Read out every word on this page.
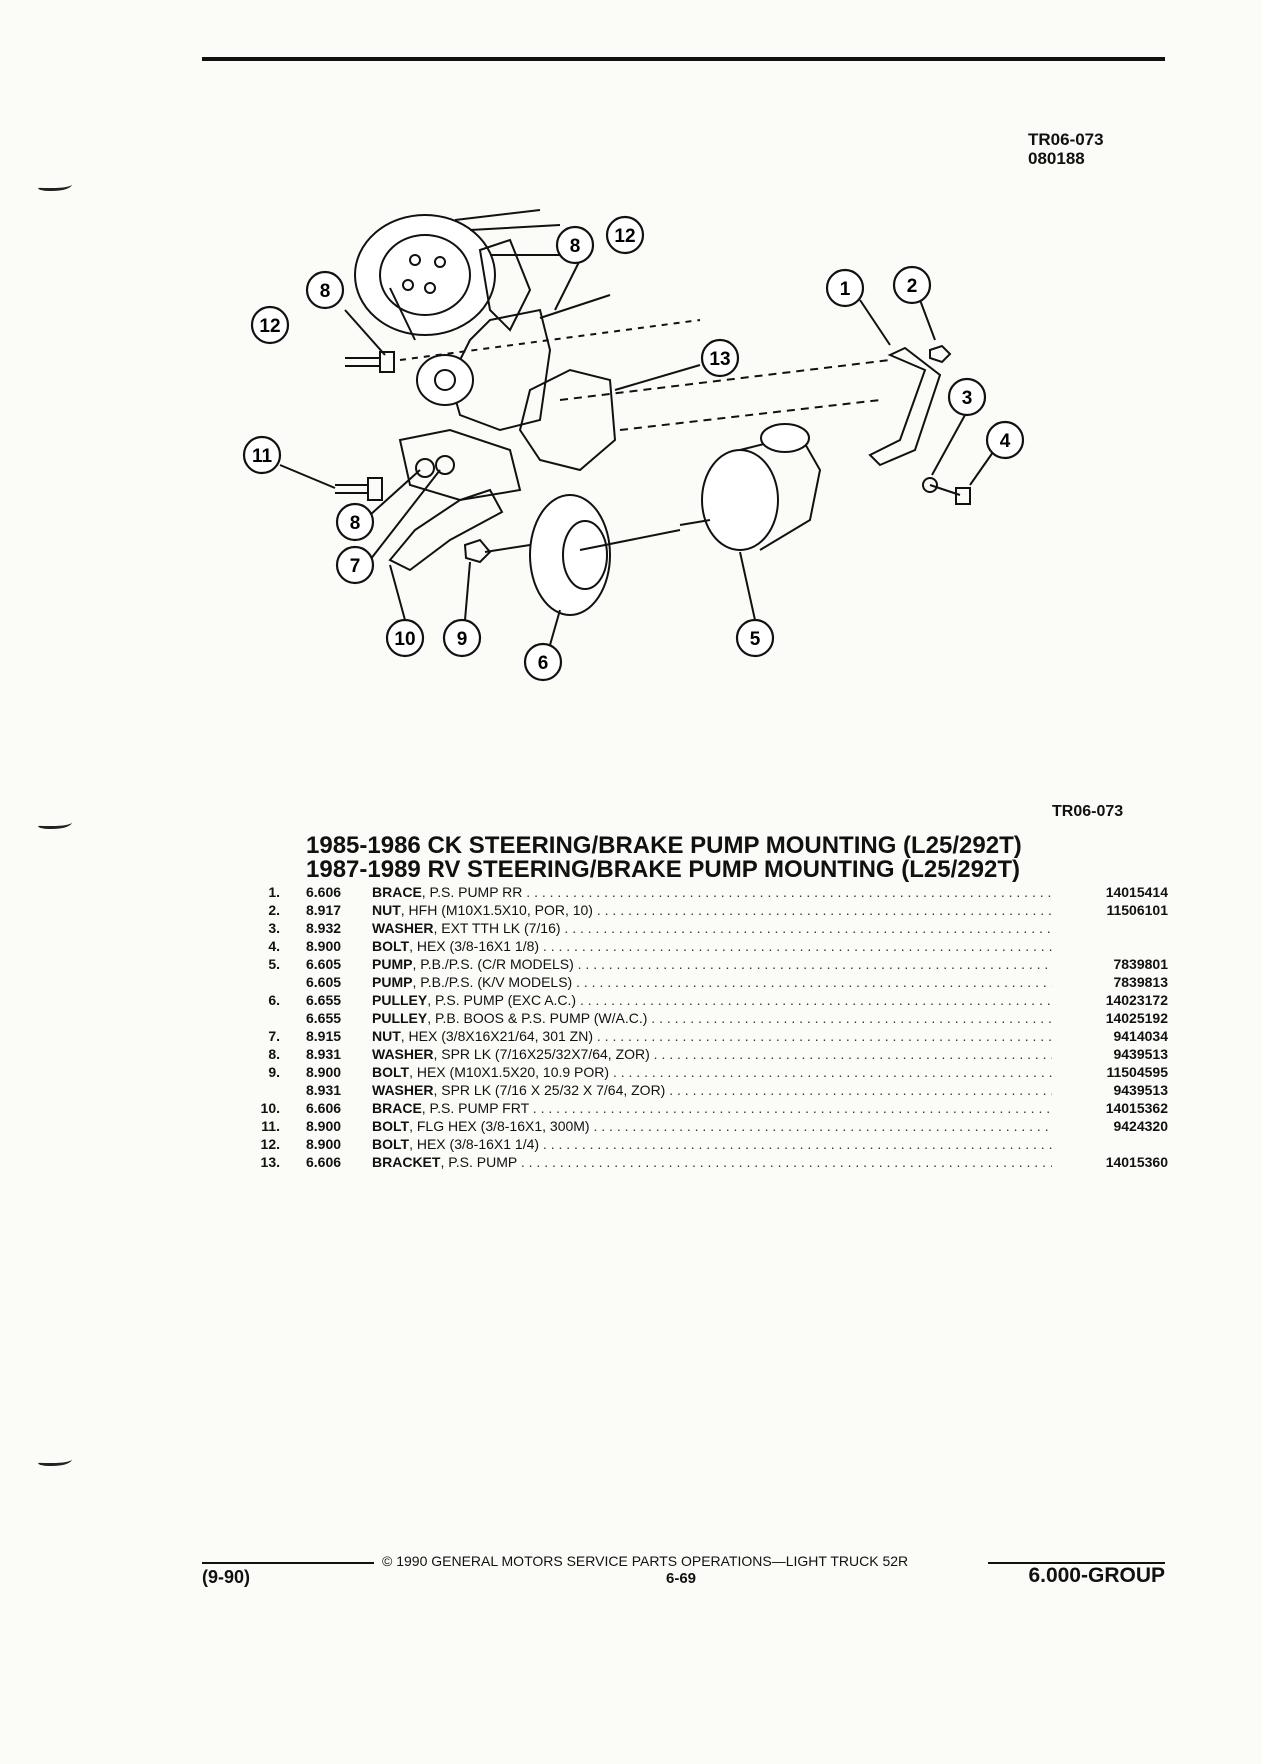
TR06-073
080188
8
12
8 12
1	2
13
3
4
11
8
7
10 9
6
5
TR06-073
1985-1986 CK STEERING/BRAKE PUMP MOUNTING (L25/292T)
1987-1989 RV STEERING/BRAKE PUMP MOUNTING (L25/292T)
1. 6.606	BRACE, P.S. PUMP RR . . .	14015414
2. 8.917	NUT, HFH (M10X1.5X10, POR, 10) . . .	11506101
3. 8.932	WASHER, EXT TTH LK (7/16) . . .
4. 8.900	BOLT, HEX (3/8-16X1 1/8) . . .
5. 6.605	PUMP, P.B./P.S. (C/R MODELS) . . .	7839801
6.605	PUMP, P.B./P.S. (K/V MODELS) . . .	7839813
6. 6.655	PULLEY, P.S. PUMP (EXC A.C.) . . .	14023172
6.655	PULLEY, P.B. BOOS & P.S. PUMP (W/A.C.) . . .	14025192
7. 8.915	NUT, HEX (3/8X16X21/64, 301 ZN) . . .	9414034
8. 8.931	WASHER, SPR LK (7/16X25/32X7/64, ZOR) . . .	9439513
9. 8.900	BOLT, HEX (M10X1.5X20, 10.9 POR) . . .	11504595
8.931	WASHER, SPR LK (7/16 X 25/32 X 7/64, ZOR) . . .	9439513
10. 6.606	BRACE, P.S. PUMP FRT . . .	14015362
11. 8.900	BOLT, FLG HEX (3/8-16X1, 300M) . . .	9424320
12. 8.900	BOLT, HEX (3/8-16X1 1/4) . . .
13. 6.606	BRACKET, P.S. PUMP . . .	14015360
© 1990 GENERAL MOTORS SERVICE PARTS OPERATIONS—LIGHT TRUCK 52R
(9-90)	6-69	6.000-GROUP
